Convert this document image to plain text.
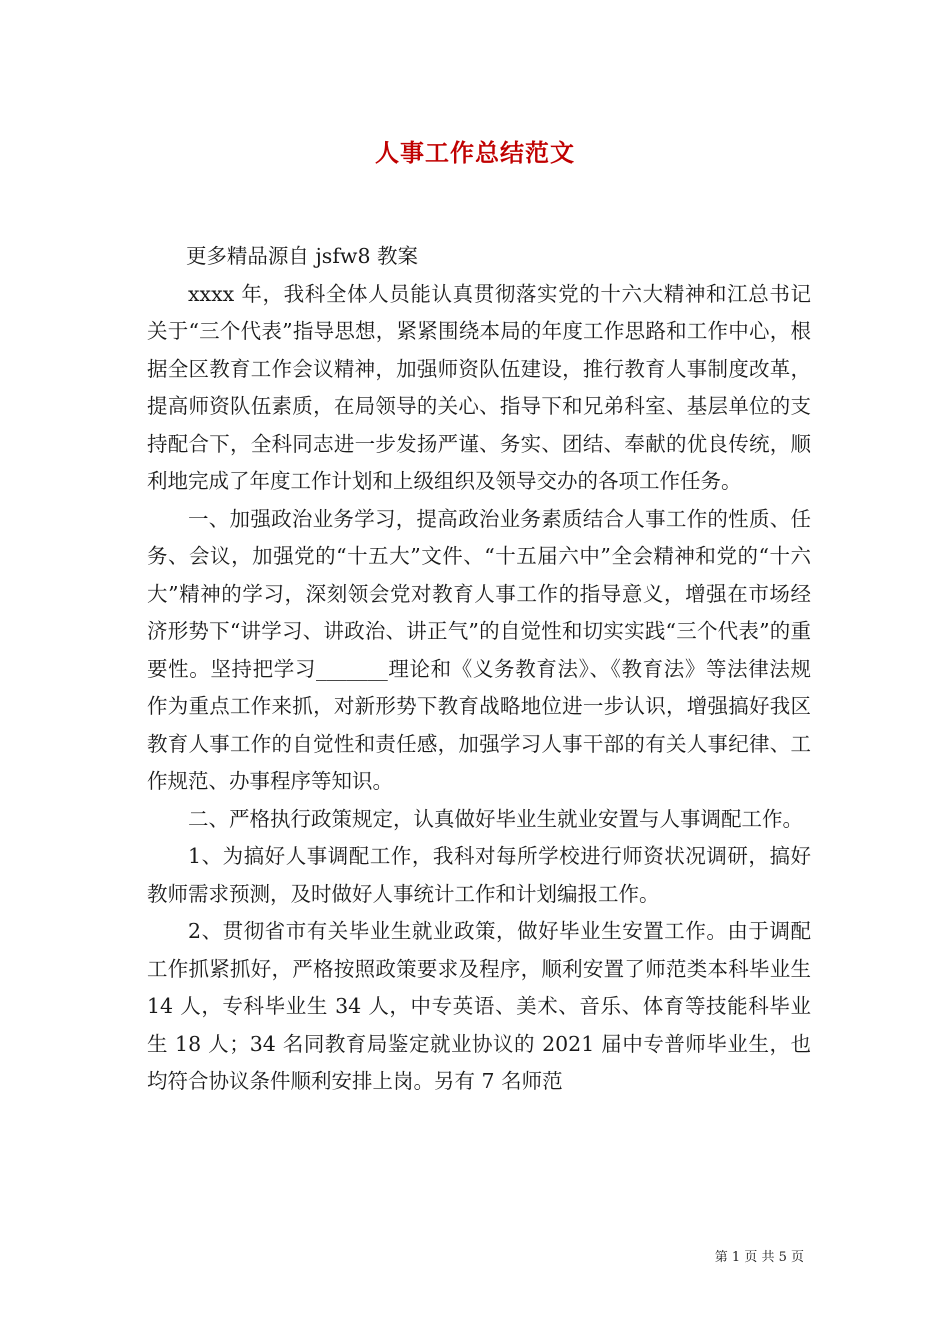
人事工作总结范文

更多精品源自 jsfw8 教案

xxxx 年，我科全体人员能认真贯彻落实党的十六大精神和江总书记关于“三个代表”指导思想，紧紧围绕本局的年度工作思路和工作中心，根据全区教育工作会议精神，加强师资队伍建设，推行教育人事制度改革，提高师资队伍素质，在局领导的关心、指导下和兄弟科室、基层单位的支持配合下，全科同志进一步发扬严谨、务实、团结、奉献的优良传统，顺利地完成了年度工作计划和上级组织及领导交办的各项工作任务。

一、加强政治业务学习，提高政治业务素质结合人事工作的性质、任务、会议，加强党的“十五大”文件、“十五届六中”全会精神和党的“十六大”精神的学习，深刻领会党对教育人事工作的指导意义，增强在市场经济形势下“讲学习、讲政治、讲正气”的自觉性和切实实践“三个代表”的重要性。坚持把学习_______理论和《义务教育法》、《教育法》等法律法规作为重点工作来抓，对新形势下教育战略地位进一步认识，增强搞好我区教育人事工作的自觉性和责任感，加强学习人事干部的有关人事纪律、工作规范、办事程序等知识。

二、严格执行政策规定，认真做好毕业生就业安置与人事调配工作。

1、为搞好人事调配工作，我科对每所学校进行师资状况调研，搞好教师需求预测，及时做好人事统计工作和计划编报工作。

2、贯彻省市有关毕业生就业政策，做好毕业生安置工作。由于调配工作抓紧抓好，严格按照政策要求及程序，顺利安置了师范类本科毕业生 14 人，专科毕业生 34 人，中专英语、美术、音乐、体育等技能科毕业生 18 人；34 名同教育局鉴定就业协议的 2021 届中专普师毕业生，也均符合协议条件顺利安排上岗。另有 7 名师范

第 1 页 共 5 页
